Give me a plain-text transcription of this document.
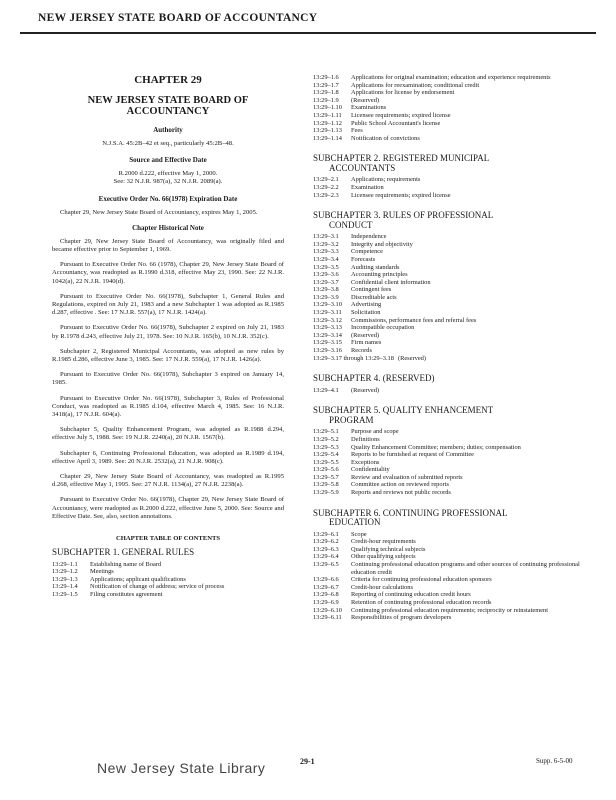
NEW JERSEY STATE BOARD OF ACCOUNTANCY
CHAPTER 29
NEW JERSEY STATE BOARD OF ACCOUNTANCY
Authority
N.J.S.A. 45:2B–42 et seq., particularly 45:2B–48.
Source and Effective Date
R.2000 d.222, effective May 1, 2000.
See: 32 N.J.R. 987(a), 32 N.J.R. 2089(a).
Executive Order No. 66(1978) Expiration Date
Chapter 29, New Jersey State Board of Accountancy, expires May 1, 2005.
Chapter Historical Note
Chapter 29, New Jersey State Board of Accountancy, was originally filed and became effective prior to September 1, 1969.
Pursuant to Executive Order No. 66 (1978), Chapter 29, New Jersey State Board of Accountancy, was readopted as R.1990 d.318, effective May 23, 1990. See: 22 N.J.R. 1042(a), 22 N.J.R. 1940(d).
Pursuant to Executive Order No. 66(1978), Subchapter 1, General Rules and Regulations, expired on July 21, 1983 and a new Subchapter 1 was adopted as R.1985 d.287, effective . See: 17 N.J.R. 557(a), 17 N.J.R. 1424(a).
Pursuant to Executive Order No. 66(1978), Subchapter 2 expired on July 21, 1983 by R.1978 d.243, effective July 21, 1978. See: 10 N.J.R. 165(b), 10 N.J.R. 352(c).
Subchapter 2, Registered Municipal Accountants, was adopted as new rules by R.1985 d.286, effective June 3, 1985. See: 17 N.J.R. 559(a), 17 N.J.R. 1426(a).
Pursuant to Executive Order No. 66(1978), Subchapter 3 expired on January 14, 1985.
Pursuant to Executive Order No. 66(1978), Subchapter 3, Rules of Professional Conduct, was readopted as R.1985 d.104, effective March 4, 1985. See: 16 N.J.R. 3418(a), 17 N.J.R. 604(a).
Subchapter 5, Quality Enhancement Program, was adopted as R.1988 d.294, effective July 5, 1988. See: 19 N.J.R. 2240(a), 20 N.J.R. 1567(b).
Subchapter 6, Continuing Professional Education, was adopted as R.1989 d.194, effective April 3, 1989. See: 20 N.J.R. 2532(a), 21 N.J.R. 908(c).
Chapter 29, New Jersey State Board of Accountancy, was readopted as R.1995 d.268, effective May 1, 1995. See: 27 N.J.R. 1134(a), 27 N.J.R. 2238(a).
Pursuant to Executive Order No. 66(1978), Chapter 29, New Jersey State Board of Accountancy, were readopted as R.2000 d.222, effective June 5, 2000. See: Source and Effective Date. See, also, section annotations.
CHAPTER TABLE OF CONTENTS
SUBCHAPTER 1. GENERAL RULES
13:29–1.1	Establishing name of Board
13:29–1.2	Meetings
13:29–1.3	Applications; applicant qualifications
13:29–1.4	Notification of change of address; service of process
13:29–1.5	Filing constitutes agreement
13:29–1.6	Applications for original examination; education and experience requirements
13:29–1.7	Applications for reexamination; conditional credit
13:29–1.8	Applications for license by endorsement
13:29–1.9	(Reserved)
13:29–1.10	Examinations
13:29–1.11	Licensee requirements; expired license
13:29–1.12	Public School Accountant's license
13:29–1.13	Fees
13:29–1.14	Notification of convictions
SUBCHAPTER 2. REGISTERED MUNICIPAL
ACCOUNTANTS
13:29–2.1	Applications; requirements
13:29–2.2	Examination
13:29–2.3	Licensee requirements; expired license
SUBCHAPTER 3. RULES OF PROFESSIONAL
CONDUCT
13:29–3.1	Independence
13:29–3.2	Integrity and objectivity
13:29–3.3	Competence
13:29–3.4	Forecasts
13:29–3.5	Auditing standards
13:29–3.6	Accounting principles
13:29–3.7	Confidential client information
13:29–3.8	Contingent fees
13:29–3.9	Discreditable acts
13:29–3.10	Advertising
13:29–3.11	Solicitation
13:29–3.12	Commissions, performance fees and referral fees
13:29–3.13	Incompatible occupation
13:29–3.14	(Reserved)
13:29–3.15	Firm names
13:29–3.16	Records
13:29–3.17 through 13:29–3.18 (Reserved)
SUBCHAPTER 4. (RESERVED)
13:29–4.1	(Reserved)
SUBCHAPTER 5. QUALITY ENHANCEMENT
PROGRAM
13:29–5.1	Purpose and scope
13:29–5.2	Definitions
13:29–5.3	Quality Enhancement Committee; members; duties; compensation
13:29–5.4	Reports to be furnished at request of Committee
13:29–5.5	Exceptions
13:29–5.6	Confidentiality
13:29–5.7	Review and evaluation of submitted reports
13:29–5.8	Committee action on reviewed reports
13:29–5.9	Reports and reviews not public records
SUBCHAPTER 6. CONTINUING PROFESSIONAL
EDUCATION
13:29–6.1	Scope
13:29–6.2	Credit-hour requirements
13:29–6.3	Qualifying technical subjects
13:29–6.4	Other qualifying subjects
13:29–6.5	Continuing professional education programs and other sources of continuing professional education credit
13:29–6.6	Criteria for continuing professional education sponsors
13:29–6.7	Credit-hour calculations
13:29–6.8	Reporting of continuing education credit hours
13:29–6.9	Retention of continuing professional education records
13:29–6.10	Continuing professional education requirements; reciprocity or reinstatement
13:29–6.11	Responsibilities of program developers
New Jersey State Library	29-1	Supp. 6-5-00
